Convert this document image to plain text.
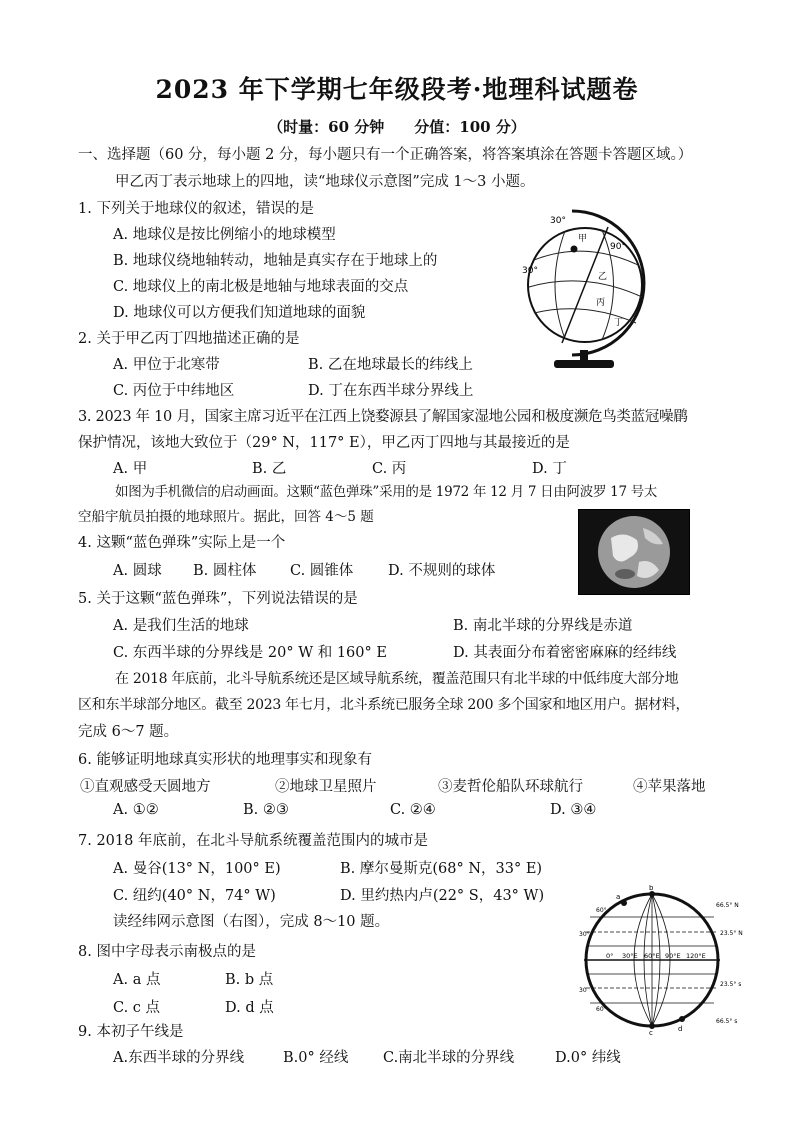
2023 年下学期七年级段考·地理科试题卷
（时量：60 分钟　　分值：100 分）
一、选择题（60 分，每小题 2 分，每小题只有一个正确答案，将答案填涂在答题卡答题区域。）
甲乙丙丁表示地球上的四地，读“地球仪示意图”完成 1～3 小题。
1. 下列关于地球仪的叙述，错误的是
A. 地球仪是按比例缩小的地球模型
B. 地球仪绕地轴转动，地轴是真实存在于地球上的
C. 地球仪上的南北极是地轴与地球表面的交点
D. 地球仪可以方便我们知道地球的面貌
甲
乙
丙
丁
90°
30°
30°
2. 关于甲乙丙丁四地描述正确的是
A. 甲位于北寒带	B. 乙在地球最长的纬线上
C. 丙位于中纬地区	D. 丁在东西半球分界线上
3. 2023 年 10 月，国家主席习近平在江西上饶婺源县了解国家湿地公园和极度濒危鸟类蓝冠噪鹛
保护情况，该地大致位于（29° N，117° E），甲乙丙丁四地与其最接近的是
A. 甲	B. 乙	C. 丙	D. 丁
如图为手机微信的启动画面。这颗“蓝色弹珠”采用的是 1972 年 12 月 7 日由阿波罗 17 号太
空船宇航员拍摄的地球照片。据此，回答 4～5 题
4. 这颗“蓝色弹珠”实际上是一个
A. 圆球 B. 圆柱体 C. 圆锥体 D. 不规则的球体
5. 关于这颗“蓝色弹珠”，下列说法错误的是
A. 是我们生活的地球	B. 南北半球的分界线是赤道
C. 东西半球的分界线是 20° W 和 160° E	D. 其表面分布着密密麻麻的经纬线
在 2018 年底前，北斗导航系统还是区域导航系统，覆盖范围只有北半球的中低纬度大部分地
区和东半球部分地区。截至 2023 年七月，北斗系统已服务全球 200 多个国家和地区用户。据材料，
完成 6～7 题。
6. 能够证明地球真实形状的地理事实和现象有
①直观感受天圆地方	②地球卫星照片	③麦哲伦船队环球航行	④苹果落地
A. ①②	B. ②③	C. ②④	D. ③④
7. 2018 年底前，在北斗导航系统覆盖范围内的城市是
A. 曼谷(13° N，100° E)	B. 摩尔曼斯克(68° N，33° E)
C. 纽约(40° N，74° W)	D. 里约热内卢(22° S，43° W)
读经纬网示意图（右图），完成 8～10 题。
a
b
c	d
60°
30°
30
60°
0° 30°E 60°E 90°E 120°E
66.5° N
23.5° N
23.5° s
66.5° s
8. 图中字母表示南极点的是
A. a 点	B. b 点
C. c 点	D. d 点
9. 本初子午线是
A.东西半球的分界线	B.0° 经线 C.南北半球的分界线	D.0° 纬线
